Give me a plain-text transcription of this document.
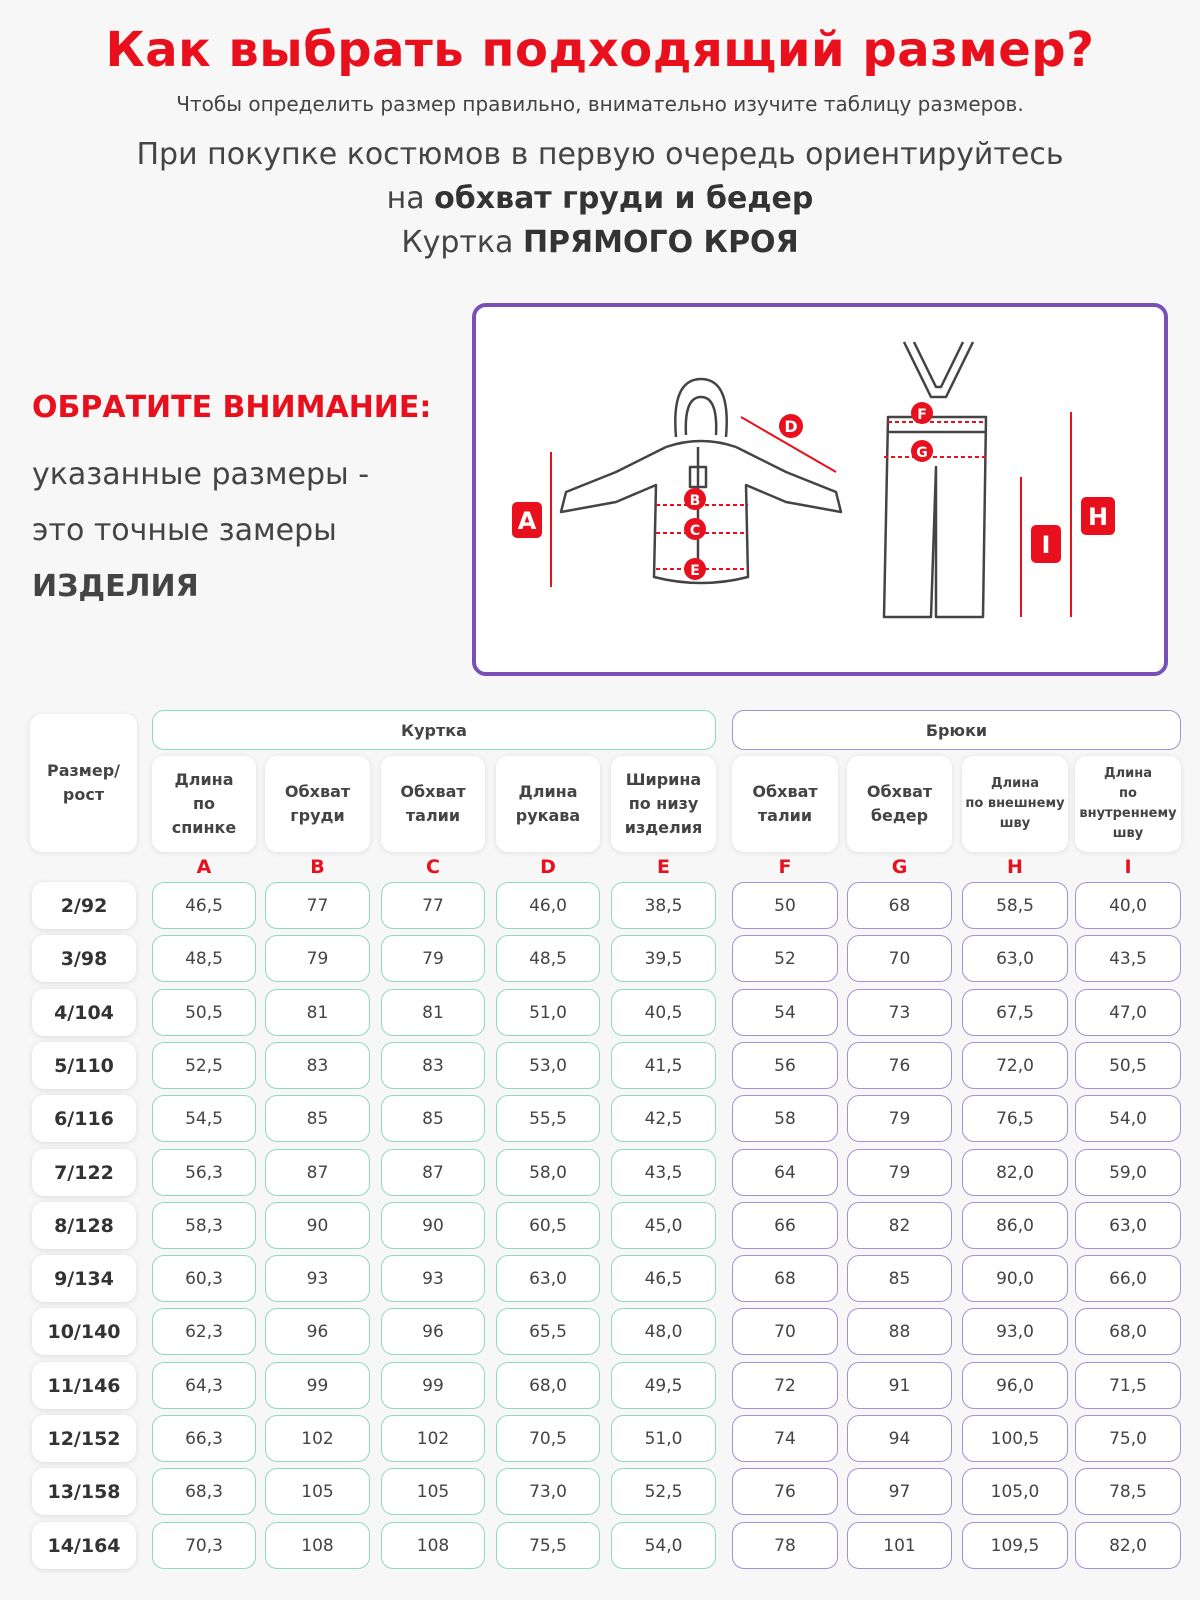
Как выбрать подходящий размер?
Чтобы определить размер правильно, внимательно изучите таблицу размеров.
При покупке костюмов в первую очередь ориентируйтесь
на обхват груди и бедер
Куртка ПРЯМОГО КРОЯ
ОБРАТИТЕ ВНИМАНИЕ:
указанные размеры -
это точные замеры
ИЗДЕЛИЯ
A	H
I
D
B
C
E
F
G
Размер/
рост
Куртка	Брюки
Длина
по
спинке
A
Обхват
груди
B
Обхват
талии
C
Длина
рукава
D
Ширина
по низу
изделия
E
Обхват
талии
F
Обхват
бедер
G
Длина
по внешнему
шву
H
Длина
по
внутреннему
шву
I
2/92	46,5	77	77	46,0	38,5	50	68	58,5	40,0
3/98	48,5	79	79	48,5	39,5	52	70	63,0	43,5
4/104	50,5	81	81	51,0	40,5	54	73	67,5	47,0
5/110	52,5	83	83	53,0	41,5	56	76	72,0	50,5
6/116	54,5	85	85	55,5	42,5	58	79	76,5	54,0
7/122	56,3	87	87	58,0	43,5	64	79	82,0	59,0
8/128	58,3	90	90	60,5	45,0	66	82	86,0	63,0
9/134	60,3	93	93	63,0	46,5	68	85	90,0	66,0
10/140	62,3	96	96	65,5	48,0	70	88	93,0	68,0
11/146	64,3	99	99	68,0	49,5	72	91	96,0	71,5
12/152	66,3	102	102	70,5	51,0	74	94	100,5	75,0
13/158	68,3	105	105	73,0	52,5	76	97	105,0	78,5
14/164	70,3	108	108	75,5	54,0	78	101	109,5	82,0
